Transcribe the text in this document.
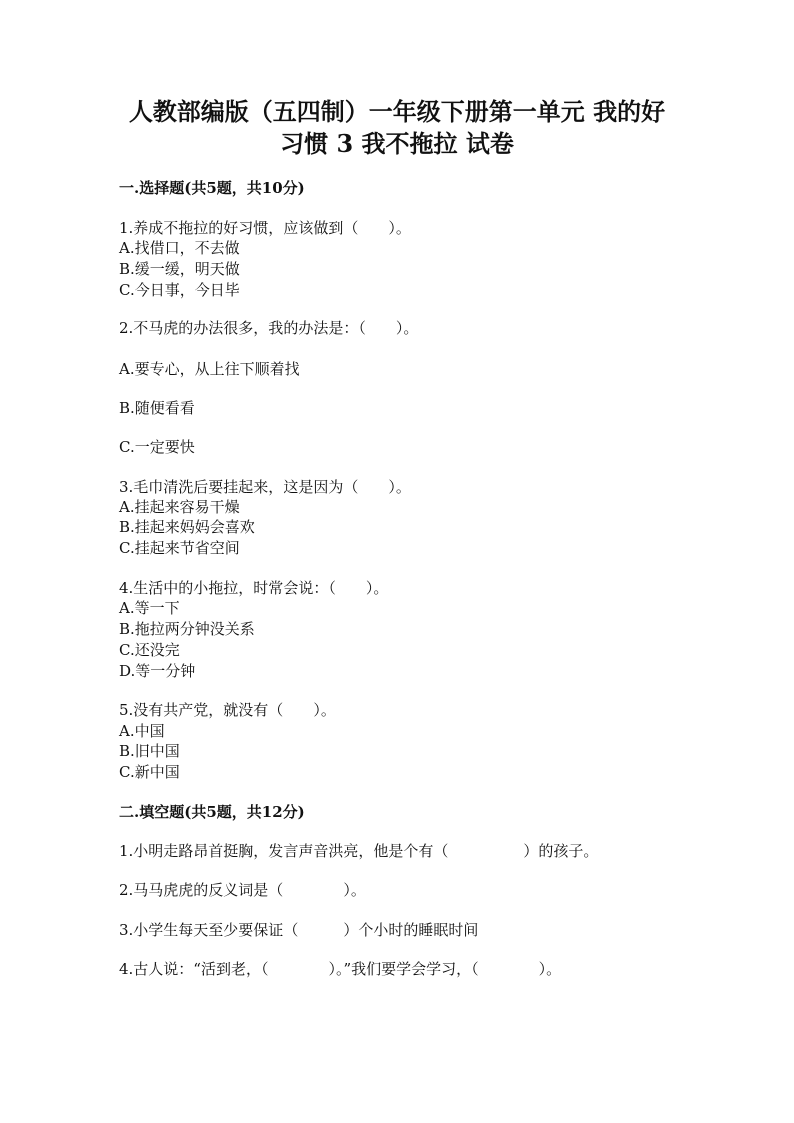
人教部编版（五四制）一年级下册第一单元 我的好
习惯 3 我不拖拉 试卷
一.选择题(共5题，共10分)
1.养成不拖拉的好习惯，应该做到（　　）。
A.找借口，不去做
B.缓一缓，明天做
C.今日事，今日毕
2.不马虎的办法很多，我的办法是：（　　）。
A.要专心，从上往下顺着找
B.随便看看
C.一定要快
3.毛巾清洗后要挂起来，这是因为（　　）。
A.挂起来容易干燥
B.挂起来妈妈会喜欢
C.挂起来节省空间
4.生活中的小拖拉，时常会说：（　　）。
A.等一下
B.拖拉两分钟没关系
C.还没完
D.等一分钟
5.没有共产党，就没有（　　）。
A.中国
B.旧中国
C.新中国
二.填空题(共5题，共12分)
1.小明走路昂首挺胸，发言声音洪亮，他是个有（　　　　　）的孩子。
2.马马虎虎的反义词是（　　　　）。
3.小学生每天至少要保证（　　　）个小时的睡眠时间
4.古人说：“活到老，（　　　　）。”我们要学会学习，（　　　　）。
